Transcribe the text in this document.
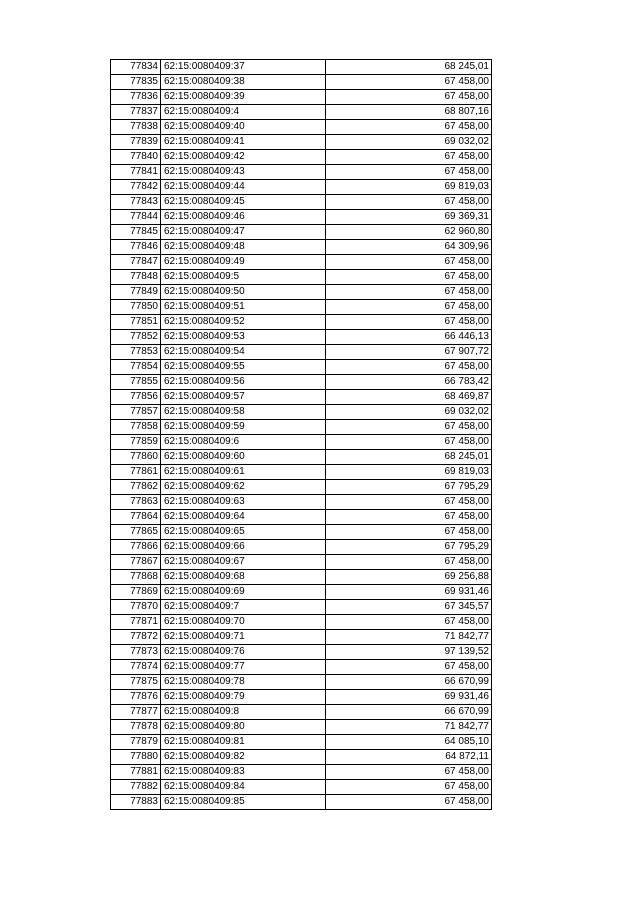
77834	62:15:0080409:37	68 245,01
77835	62:15:0080409:38	67 458,00
77836	62:15:0080409:39	67 458,00
77837	62:15:0080409:4	68 807,16
77838	62:15:0080409:40	67 458,00
77839	62:15:0080409:41	69 032,02
77840	62:15:0080409:42	67 458,00
77841	62:15:0080409:43	67 458,00
77842	62:15:0080409:44	69 819,03
77843	62:15:0080409:45	67 458,00
77844	62:15:0080409:46	69 369,31
77845	62:15:0080409:47	62 960,80
77846	62:15:0080409:48	64 309,96
77847	62:15:0080409:49	67 458,00
77848	62:15:0080409:5	67 458,00
77849	62:15:0080409:50	67 458,00
77850	62:15:0080409:51	67 458,00
77851	62:15:0080409:52	67 458,00
77852	62:15:0080409:53	66 446,13
77853	62:15:0080409:54	67 907,72
77854	62:15:0080409:55	67 458,00
77855	62:15:0080409:56	66 783,42
77856	62:15:0080409:57	68 469,87
77857	62:15:0080409:58	69 032,02
77858	62:15:0080409:59	67 458,00
77859	62:15:0080409:6	67 458,00
77860	62:15:0080409:60	68 245,01
77861	62:15:0080409:61	69 819,03
77862	62:15:0080409:62	67 795,29
77863	62:15:0080409:63	67 458,00
77864	62:15:0080409:64	67 458,00
77865	62:15:0080409:65	67 458,00
77866	62:15:0080409:66	67 795,29
77867	62:15:0080409:67	67 458,00
77868	62:15:0080409:68	69 256,88
77869	62:15:0080409:69	69 931,46
77870	62:15:0080409:7	67 345,57
77871	62:15:0080409:70	67 458,00
77872	62:15:0080409:71	71 842,77
77873	62:15:0080409:76	97 139,52
77874	62:15:0080409:77	67 458,00
77875	62:15:0080409:78	66 670,99
77876	62:15:0080409:79	69 931,46
77877	62:15:0080409:8	66 670,99
77878	62:15:0080409:80	71 842,77
77879	62:15:0080409:81	64 085,10
77880	62:15:0080409:82	64 872,11
77881	62:15:0080409:83	67 458,00
77882	62:15:0080409:84	67 458,00
77883	62:15:0080409:85	67 458,00
